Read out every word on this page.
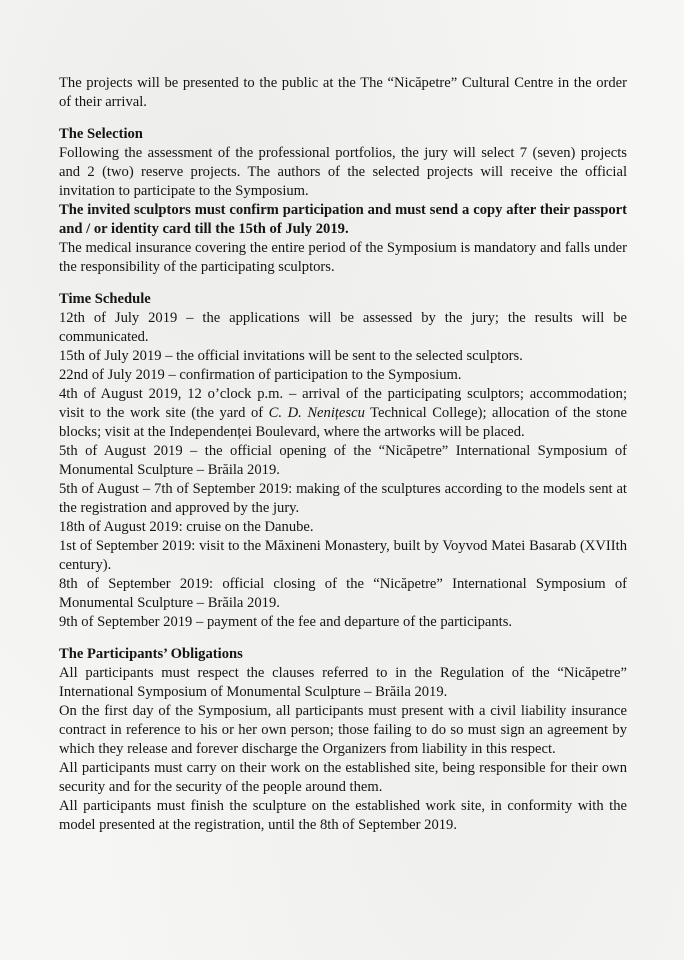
The projects will be presented to the public at the The “Nicăpetre” Cultural Centre in the order of their arrival.

The Selection

Following the assessment of the professional portfolios, the jury will select 7 (seven) projects and 2 (two) reserve projects. The authors of the selected projects will receive the official invitation to participate to the Symposium.

The invited sculptors must confirm participation and must send a copy after their passport and / or identity card till the 15th of July 2019.

The medical insurance covering the entire period of the Symposium is mandatory and falls under the responsibility of the participating sculptors.

Time Schedule

12th of July 2019 – the applications will be assessed by the jury; the results will be communicated.

15th of July 2019 – the official invitations will be sent to the selected sculptors.

22nd of July 2019 – confirmation of participation to the Symposium.

4th of August 2019, 12 o’clock p.m. – arrival of the participating sculptors; accommodation; visit to the work site (the yard of C. D. Nenițescu Technical College); allocation of the stone blocks; visit at the Independenței Boulevard, where the artworks will be placed.

5th of August 2019 – the official opening of the “Nicăpetre” International Symposium of Monumental Sculpture – Brăila 2019.

5th of August – 7th of September 2019: making of the sculptures according to the models sent at the registration and approved by the jury.

18th of August 2019: cruise on the Danube.

1st of September 2019: visit to the Măxineni Monastery, built by Voyvod Matei Basarab (XVIIth century).

8th of September 2019: official closing of the “Nicăpetre” International Symposium of Monumental Sculpture – Brăila 2019.

9th of September 2019 – payment of the fee and departure of the participants.

The Participants’ Obligations

All participants must respect the clauses referred to in the Regulation of the “Nicăpetre” International Symposium of Monumental Sculpture – Brăila 2019.

On the first day of the Symposium, all participants must present with a civil liability insurance contract in reference to his or her own person; those failing to do so must sign an agreement by which they release and forever discharge the Organizers from liability in this respect.

All participants must carry on their work on the established site, being responsible for their own security and for the security of the people around them.

All participants must finish the sculpture on the established work site, in conformity with the model presented at the registration, until the 8th of September 2019.
